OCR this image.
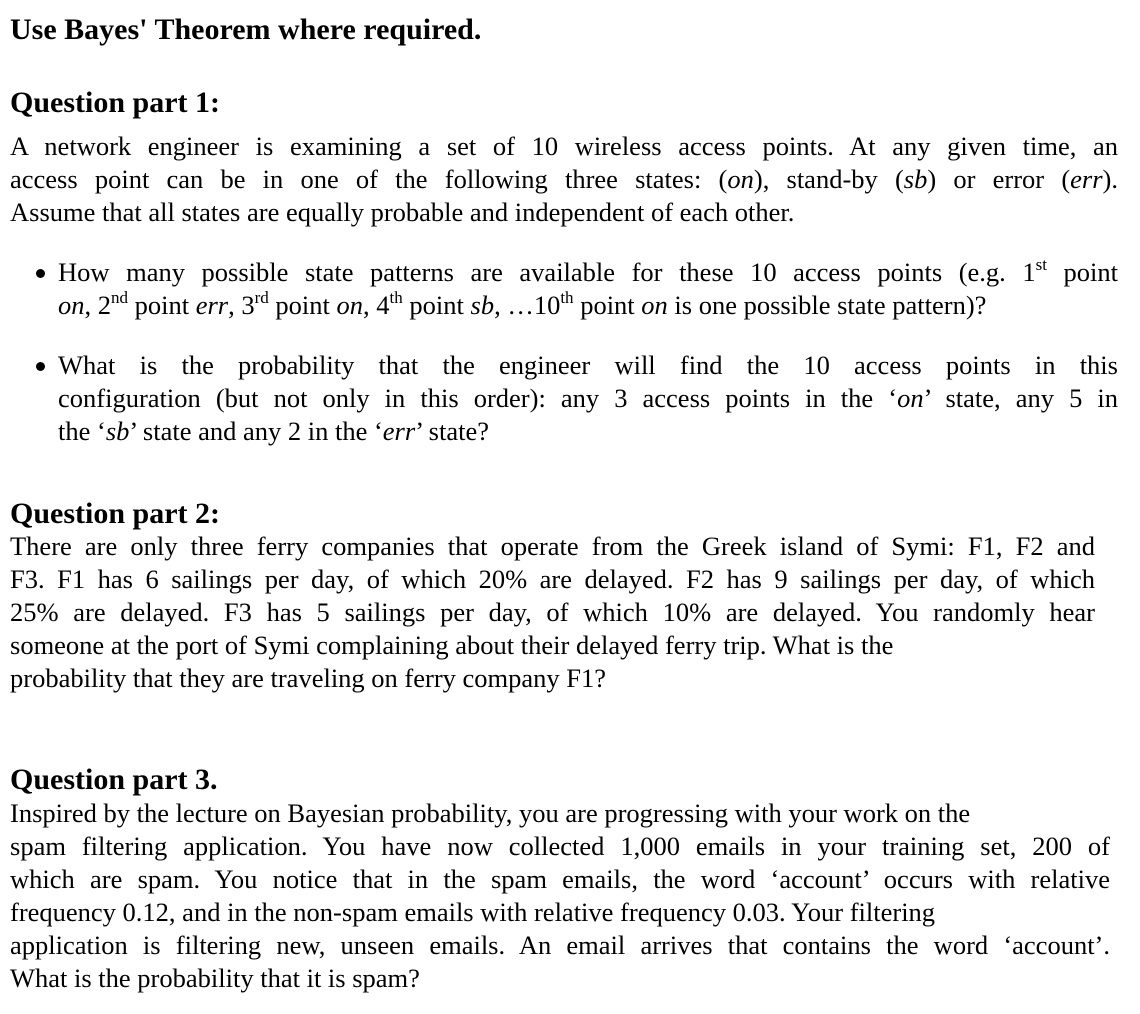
Use Bayes' Theorem where required.

Question part 1:

A network engineer is examining a set of 10 wireless access points. At any given time, an
access point can be in one of the following three states: (on), stand-by (sb) or error (err).
Assume that all states are equally probable and independent of each other.
How many possible state patterns are available for these 10 access points (e.g. 1st point
on, 2nd point err, 3rd point on, 4th point sb, …10th point on is one possible state pattern)?
What is the probability that the engineer will find the 10 access points in this
configuration (but not only in this order): any 3 access points in the ‘on’ state, any 5 in
the ‘sb’ state and any 2 in the ‘err’ state?

Question part 2:

There are only three ferry companies that operate from the Greek island of Symi: F1, F2 and
F3. F1 has 6 sailings per day, of which 20% are delayed. F2 has 9 sailings per day, of which
25% are delayed. F3 has 5 sailings per day, of which 10% are delayed. You randomly hear
someone at the port of Symi complaining about their delayed ferry trip. What is the
probability that they are traveling on ferry company F1?

Question part 3.

Inspired by the lecture on Bayesian probability, you are progressing with your work on the
spam filtering application. You have now collected 1,000 emails in your training set, 200 of
which are spam. You notice that in the spam emails, the word ‘account’ occurs with relative
frequency 0.12, and in the non-spam emails with relative frequency 0.03. Your filtering
application is filtering new, unseen emails. An email arrives that contains the word ‘account’.
What is the probability that it is spam?
